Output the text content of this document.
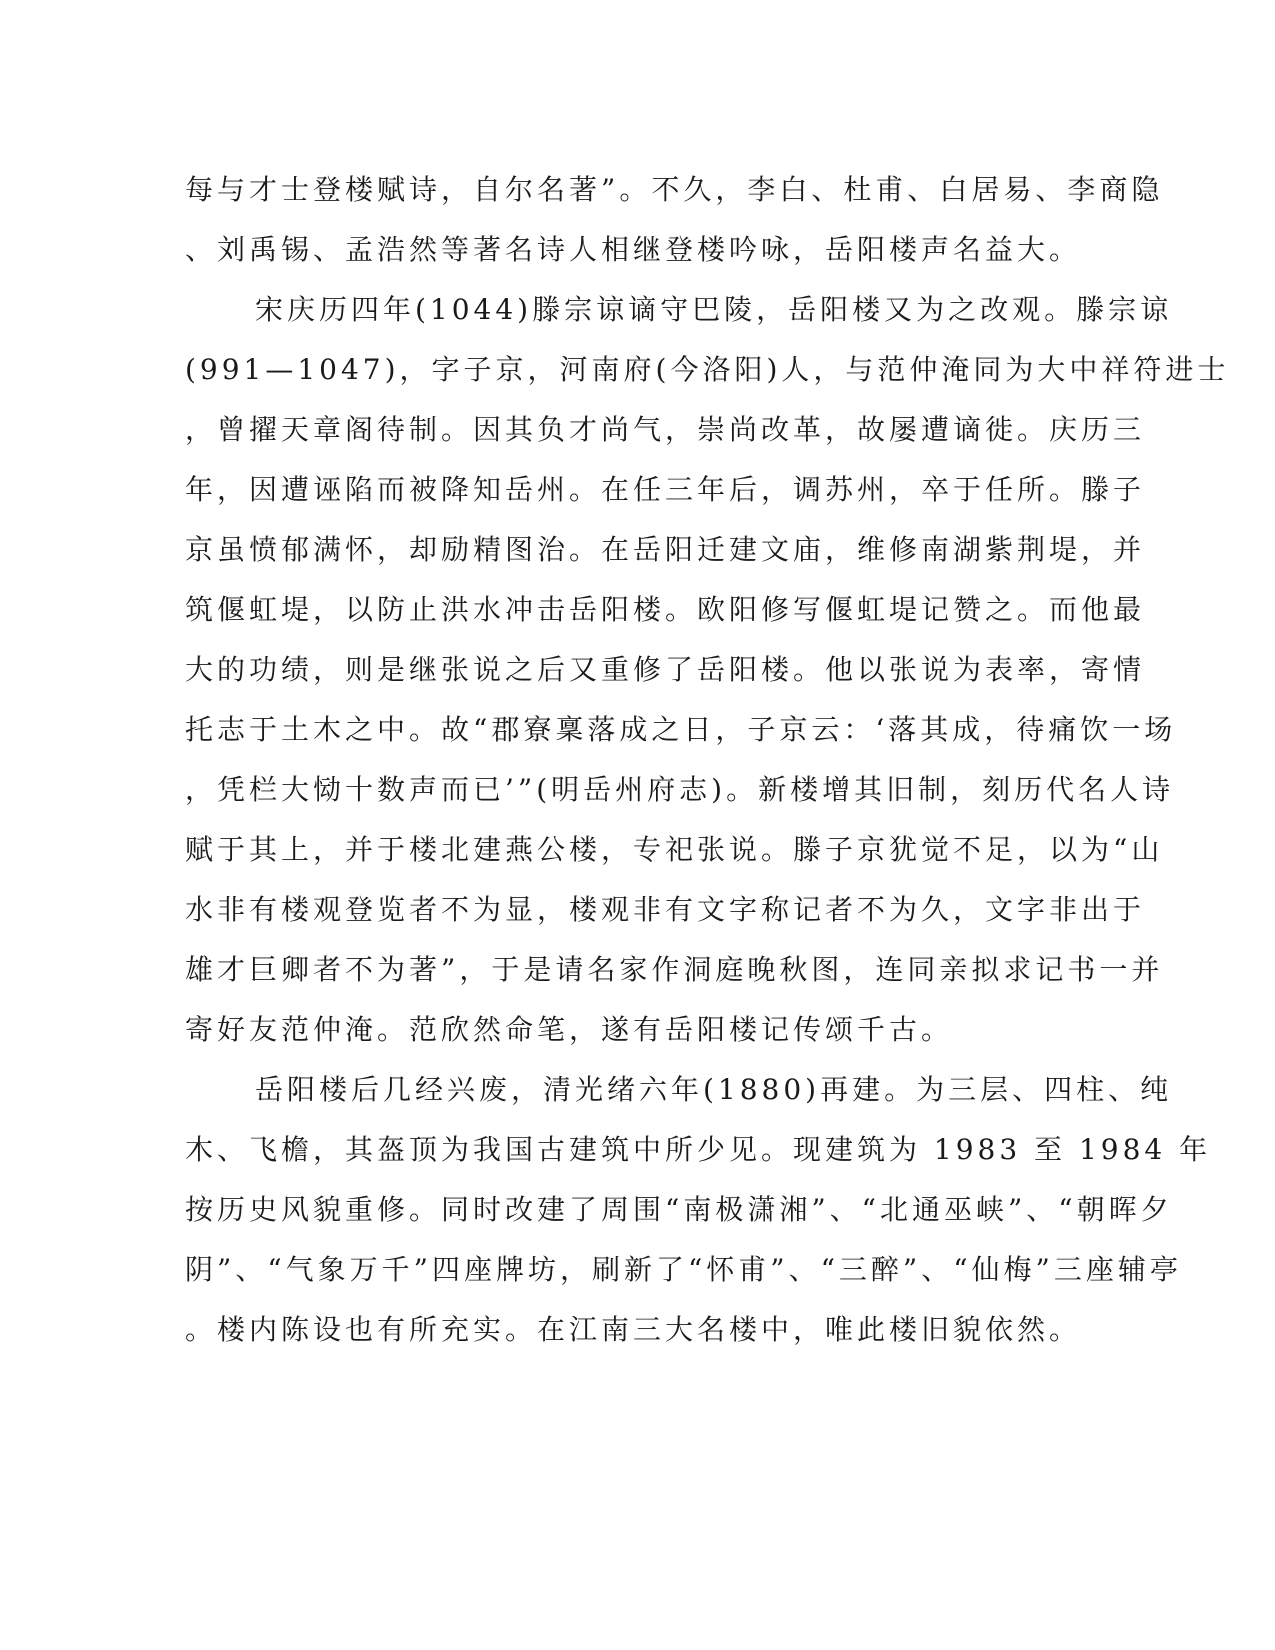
每与才士登楼赋诗，自尔名著”。不久，李白、杜甫、白居易、李商隐
、刘禹锡、孟浩然等著名诗人相继登楼吟咏，岳阳楼声名益大。
宋庆历四年(1044)滕宗谅谪守巴陵，岳阳楼又为之改观。滕宗谅
(991—1047)，字子京，河南府(今洛阳)人，与范仲淹同为大中祥符进士
，曾擢天章阁待制。因其负才尚气，崇尚改革，故屡遭谪徙。庆历三
年，因遭诬陷而被降知岳州。在任三年后，调苏州，卒于任所。滕子
京虽愤郁满怀，却励精图治。在岳阳迁建文庙，维修南湖紫荆堤，并
筑偃虹堤，以防止洪水冲击岳阳楼。欧阳修写偃虹堤记赞之。而他最
大的功绩，则是继张说之后又重修了岳阳楼。他以张说为表率，寄情
托志于土木之中。故“郡寮稟落成之日，子京云：‘落其成，待痛饮一场
，凭栏大恸十数声而已’”(明岳州府志)。新楼增其旧制，刻历代名人诗
赋于其上，并于楼北建燕公楼，专祀张说。滕子京犹觉不足，以为“山
水非有楼观登览者不为显，楼观非有文字称记者不为久，文字非出于
雄才巨卿者不为著”，于是请名家作洞庭晚秋图，连同亲拟求记书一并
寄好友范仲淹。范欣然命笔，遂有岳阳楼记传颂千古。
岳阳楼后几经兴废，清光绪六年(1880)再建。为三层、四柱、纯
木、飞檐，其盔顶为我国古建筑中所少见。现建筑为 1983 至 1984 年
按历史风貌重修。同时改建了周围“南极潇湘”、“北通巫峡”、“朝晖夕
阴”、“气象万千”四座牌坊，刷新了“怀甫”、“三醉”、“仙梅”三座辅亭
。楼内陈设也有所充实。在江南三大名楼中，唯此楼旧貌依然。
